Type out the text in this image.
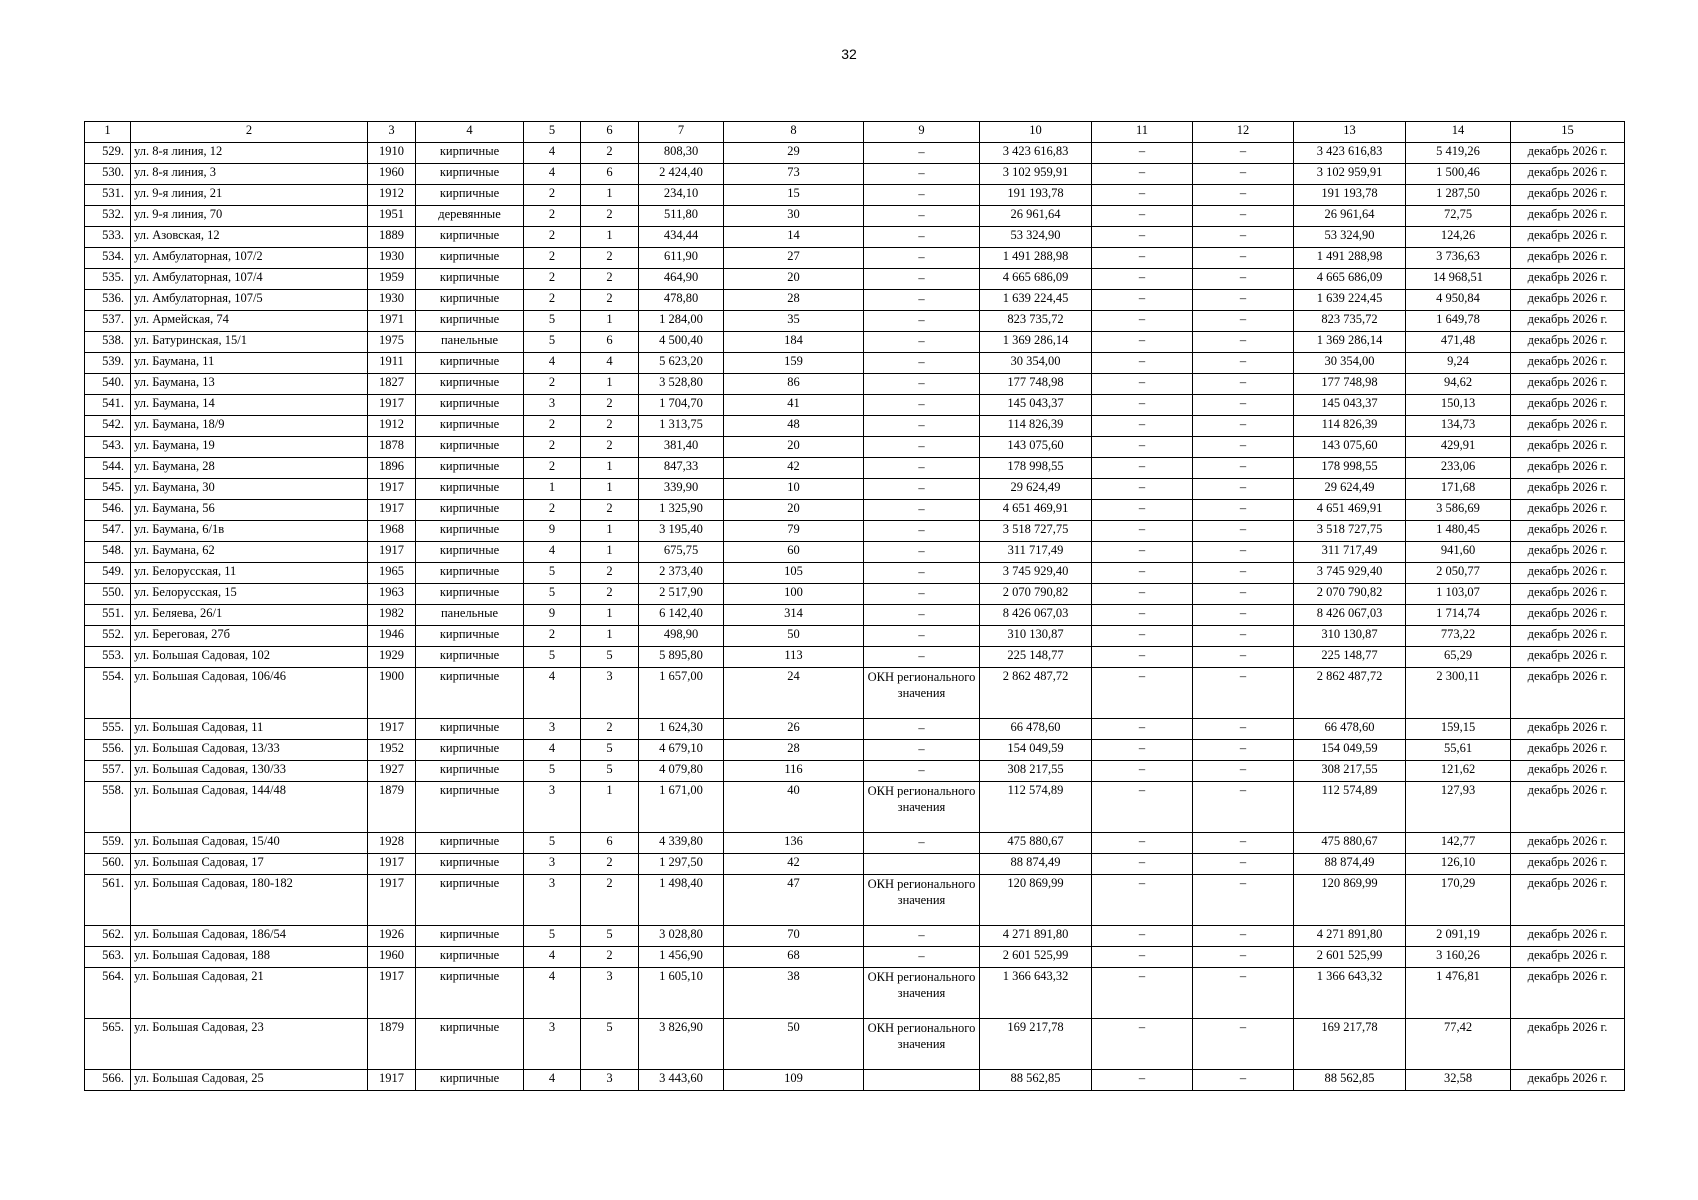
32
1	2	3	4	5	6	7	8	9	10	11	12	13	14	15
529.	ул. 8-я линия, 12	1910	кирпичные	4	2	808,30	29	–	3 423 616,83	–	–	3 423 616,83	5 419,26	декабрь 2026 г.
530.	ул. 8-я линия, 3	1960	кирпичные	4	6	2 424,40	73	–	3 102 959,91	–	–	3 102 959,91	1 500,46	декабрь 2026 г.
531.	ул. 9-я линия, 21	1912	кирпичные	2	1	234,10	15	–	191 193,78	–	–	191 193,78	1 287,50	декабрь 2026 г.
532.	ул. 9-я линия, 70	1951	деревянные	2	2	511,80	30	–	26 961,64	–	–	26 961,64	72,75	декабрь 2026 г.
533.	ул. Азовская, 12	1889	кирпичные	2	1	434,44	14	–	53 324,90	–	–	53 324,90	124,26	декабрь 2026 г.
534.	ул. Амбулаторная, 107/2	1930	кирпичные	2	2	611,90	27	–	1 491 288,98	–	–	1 491 288,98	3 736,63	декабрь 2026 г.
535.	ул. Амбулаторная, 107/4	1959	кирпичные	2	2	464,90	20	–	4 665 686,09	–	–	4 665 686,09	14 968,51	декабрь 2026 г.
536.	ул. Амбулаторная, 107/5	1930	кирпичные	2	2	478,80	28	–	1 639 224,45	–	–	1 639 224,45	4 950,84	декабрь 2026 г.
537.	ул. Армейская, 74	1971	кирпичные	5	1	1 284,00	35	–	823 735,72	–	–	823 735,72	1 649,78	декабрь 2026 г.
538.	ул. Батуринская, 15/1	1975	панельные	5	6	4 500,40	184	–	1 369 286,14	–	–	1 369 286,14	471,48	декабрь 2026 г.
539.	ул. Баумана, 11	1911	кирпичные	4	4	5 623,20	159	–	30 354,00	–	–	30 354,00	9,24	декабрь 2026 г.
540.	ул. Баумана, 13	1827	кирпичные	2	1	3 528,80	86	–	177 748,98	–	–	177 748,98	94,62	декабрь 2026 г.
541.	ул. Баумана, 14	1917	кирпичные	3	2	1 704,70	41	–	145 043,37	–	–	145 043,37	150,13	декабрь 2026 г.
542.	ул. Баумана, 18/9	1912	кирпичные	2	2	1 313,75	48	–	114 826,39	–	–	114 826,39	134,73	декабрь 2026 г.
543.	ул. Баумана, 19	1878	кирпичные	2	2	381,40	20	–	143 075,60	–	–	143 075,60	429,91	декабрь 2026 г.
544.	ул. Баумана, 28	1896	кирпичные	2	1	847,33	42	–	178 998,55	–	–	178 998,55	233,06	декабрь 2026 г.
545.	ул. Баумана, 30	1917	кирпичные	1	1	339,90	10	–	29 624,49	–	–	29 624,49	171,68	декабрь 2026 г.
546.	ул. Баумана, 56	1917	кирпичные	2	2	1 325,90	20	–	4 651 469,91	–	–	4 651 469,91	3 586,69	декабрь 2026 г.
547.	ул. Баумана, 6/1в	1968	кирпичные	9	1	3 195,40	79	–	3 518 727,75	–	–	3 518 727,75	1 480,45	декабрь 2026 г.
548.	ул. Баумана, 62	1917	кирпичные	4	1	675,75	60	–	311 717,49	–	–	311 717,49	941,60	декабрь 2026 г.
549.	ул. Белорусская, 11	1965	кирпичные	5	2	2 373,40	105	–	3 745 929,40	–	–	3 745 929,40	2 050,77	декабрь 2026 г.
550.	ул. Белорусская, 15	1963	кирпичные	5	2	2 517,90	100	–	2 070 790,82	–	–	2 070 790,82	1 103,07	декабрь 2026 г.
551.	ул. Беляева, 26/1	1982	панельные	9	1	6 142,40	314	–	8 426 067,03	–	–	8 426 067,03	1 714,74	декабрь 2026 г.
552.	ул. Береговая, 27б	1946	кирпичные	2	1	498,90	50	–	310 130,87	–	–	310 130,87	773,22	декабрь 2026 г.
553.	ул. Большая Садовая, 102	1929	кирпичные	5	5	5 895,80	113	–	225 148,77	–	–	225 148,77	65,29	декабрь 2026 г.
554.	ул. Большая Садовая, 106/46	1900	кирпичные	4	3	1 657,00	24	ОКН регионального значения	2 862 487,72	–	–	2 862 487,72	2 300,11	декабрь 2026 г.
555.	ул. Большая Садовая, 11	1917	кирпичные	3	2	1 624,30	26	–	66 478,60	–	–	66 478,60	159,15	декабрь 2026 г.
556.	ул. Большая Садовая, 13/33	1952	кирпичные	4	5	4 679,10	28	–	154 049,59	–	–	154 049,59	55,61	декабрь 2026 г.
557.	ул. Большая Садовая, 130/33	1927	кирпичные	5	5	4 079,80	116	–	308 217,55	–	–	308 217,55	121,62	декабрь 2026 г.
558.	ул. Большая Садовая, 144/48	1879	кирпичные	3	1	1 671,00	40	ОКН регионального значения	112 574,89	–	–	112 574,89	127,93	декабрь 2026 г.
559.	ул. Большая Садовая, 15/40	1928	кирпичные	5	6	4 339,80	136	–	475 880,67	–	–	475 880,67	142,77	декабрь 2026 г.
560.	ул. Большая Садовая, 17	1917	кирпичные	3	2	1 297,50	42		88 874,49	–	–	88 874,49	126,10	декабрь 2026 г.
561.	ул. Большая Садовая, 180-182	1917	кирпичные	3	2	1 498,40	47	ОКН регионального значения	120 869,99	–	–	120 869,99	170,29	декабрь 2026 г.
562.	ул. Большая Садовая, 186/54	1926	кирпичные	5	5	3 028,80	70	–	4 271 891,80	–	–	4 271 891,80	2 091,19	декабрь 2026 г.
563.	ул. Большая Садовая, 188	1960	кирпичные	4	2	1 456,90	68	–	2 601 525,99	–	–	2 601 525,99	3 160,26	декабрь 2026 г.
564.	ул. Большая Садовая, 21	1917	кирпичные	4	3	1 605,10	38	ОКН регионального значения	1 366 643,32	–	–	1 366 643,32	1 476,81	декабрь 2026 г.
565.	ул. Большая Садовая, 23	1879	кирпичные	3	5	3 826,90	50	ОКН регионального значения	169 217,78	–	–	169 217,78	77,42	декабрь 2026 г.
566.	ул. Большая Садовая, 25	1917	кирпичные	4	3	3 443,60	109		88 562,85	–	–	88 562,85	32,58	декабрь 2026 г.
